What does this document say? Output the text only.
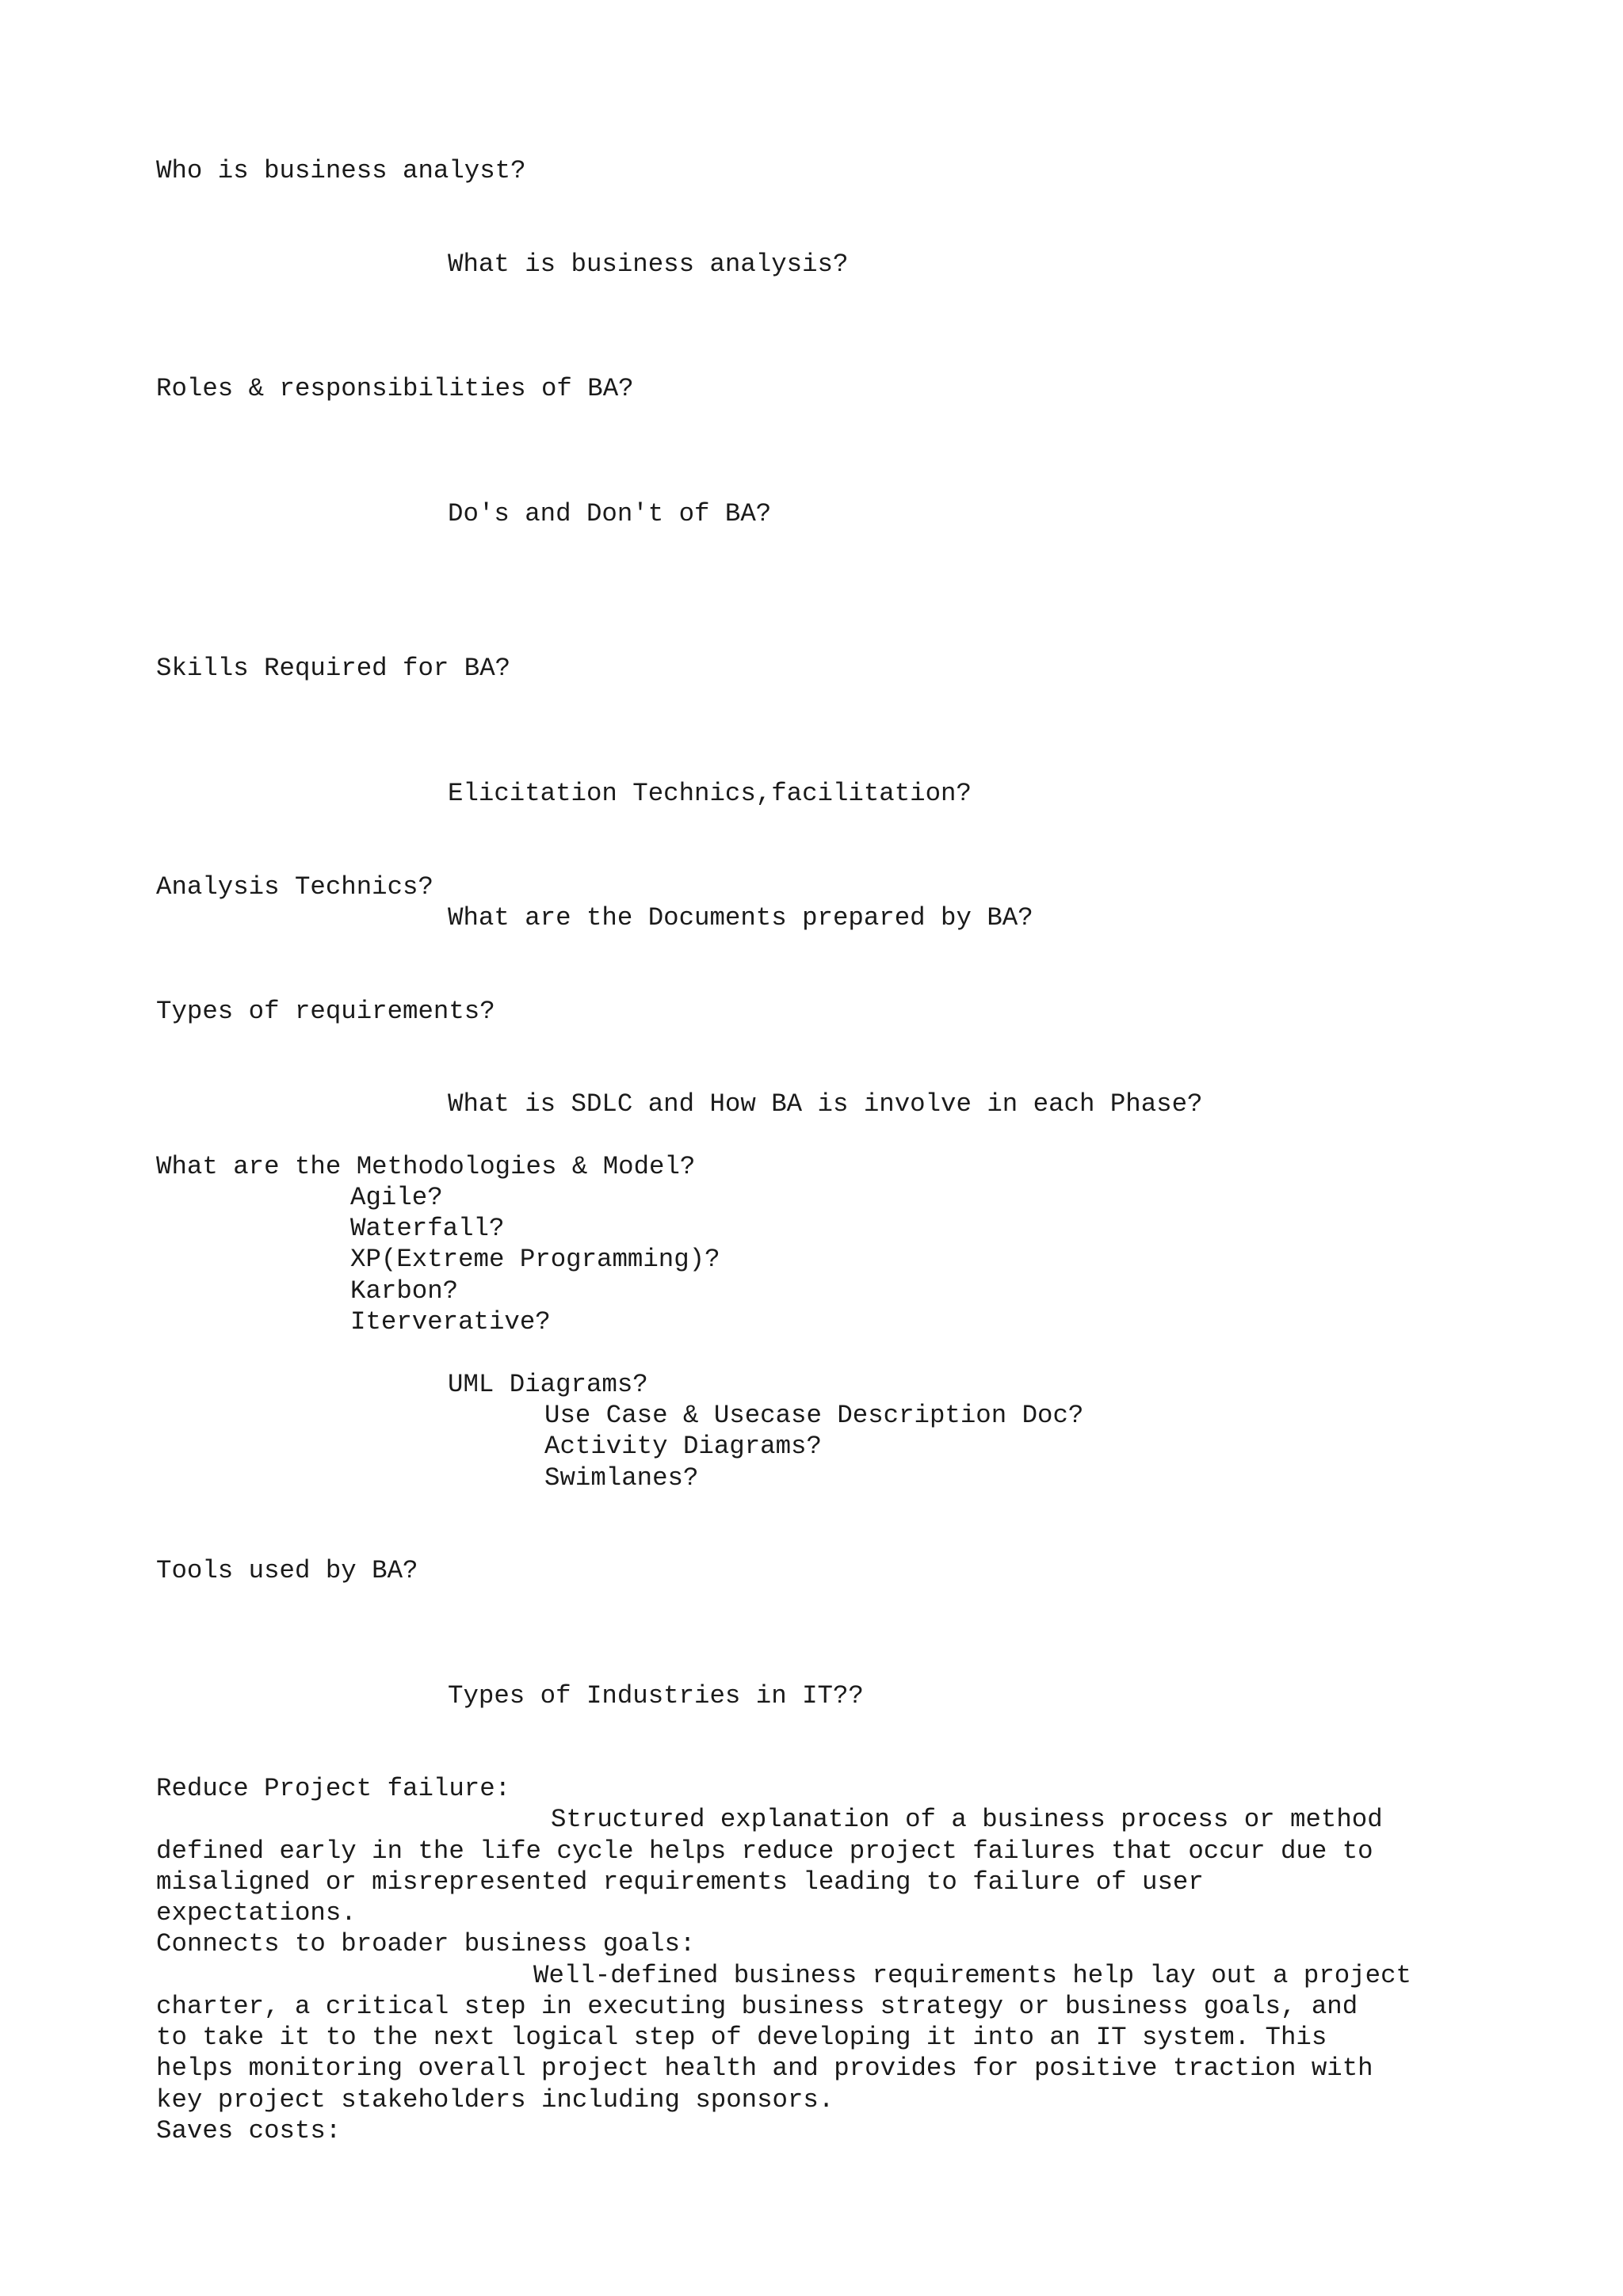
Who is business analyst?

What is business analysis?

Roles & responsibilities of BA?

Do's and Don't of BA?

Skills Required for BA?

Elicitation Technics,facilitation?

Analysis Technics?

What are the Documents prepared by BA?

Types of requirements?

What is SDLC and How BA is involve in each Phase?

What are the Methodologies & Model?

Agile?

Waterfall?

XP(Extreme Programming)?

Karbon?

Iterverative?

UML Diagrams?

Use Case & Usecase Description Doc?

Activity Diagrams?

Swimlanes?

Tools used by BA?

Types of Industries in IT??

Reduce Project failure:

Structured explanation of a business process or method

defined early in the life cycle helps reduce project failures that occur due to

misaligned or misrepresented requirements leading to failure of user

expectations.

Connects to broader business goals:

Well-defined business requirements help lay out a project

charter, a critical step in executing business strategy or business goals, and

to take it to the next logical step of developing it into an IT system. This

helps monitoring overall project health and provides for positive traction with

key project stakeholders including sponsors.

Saves costs:
